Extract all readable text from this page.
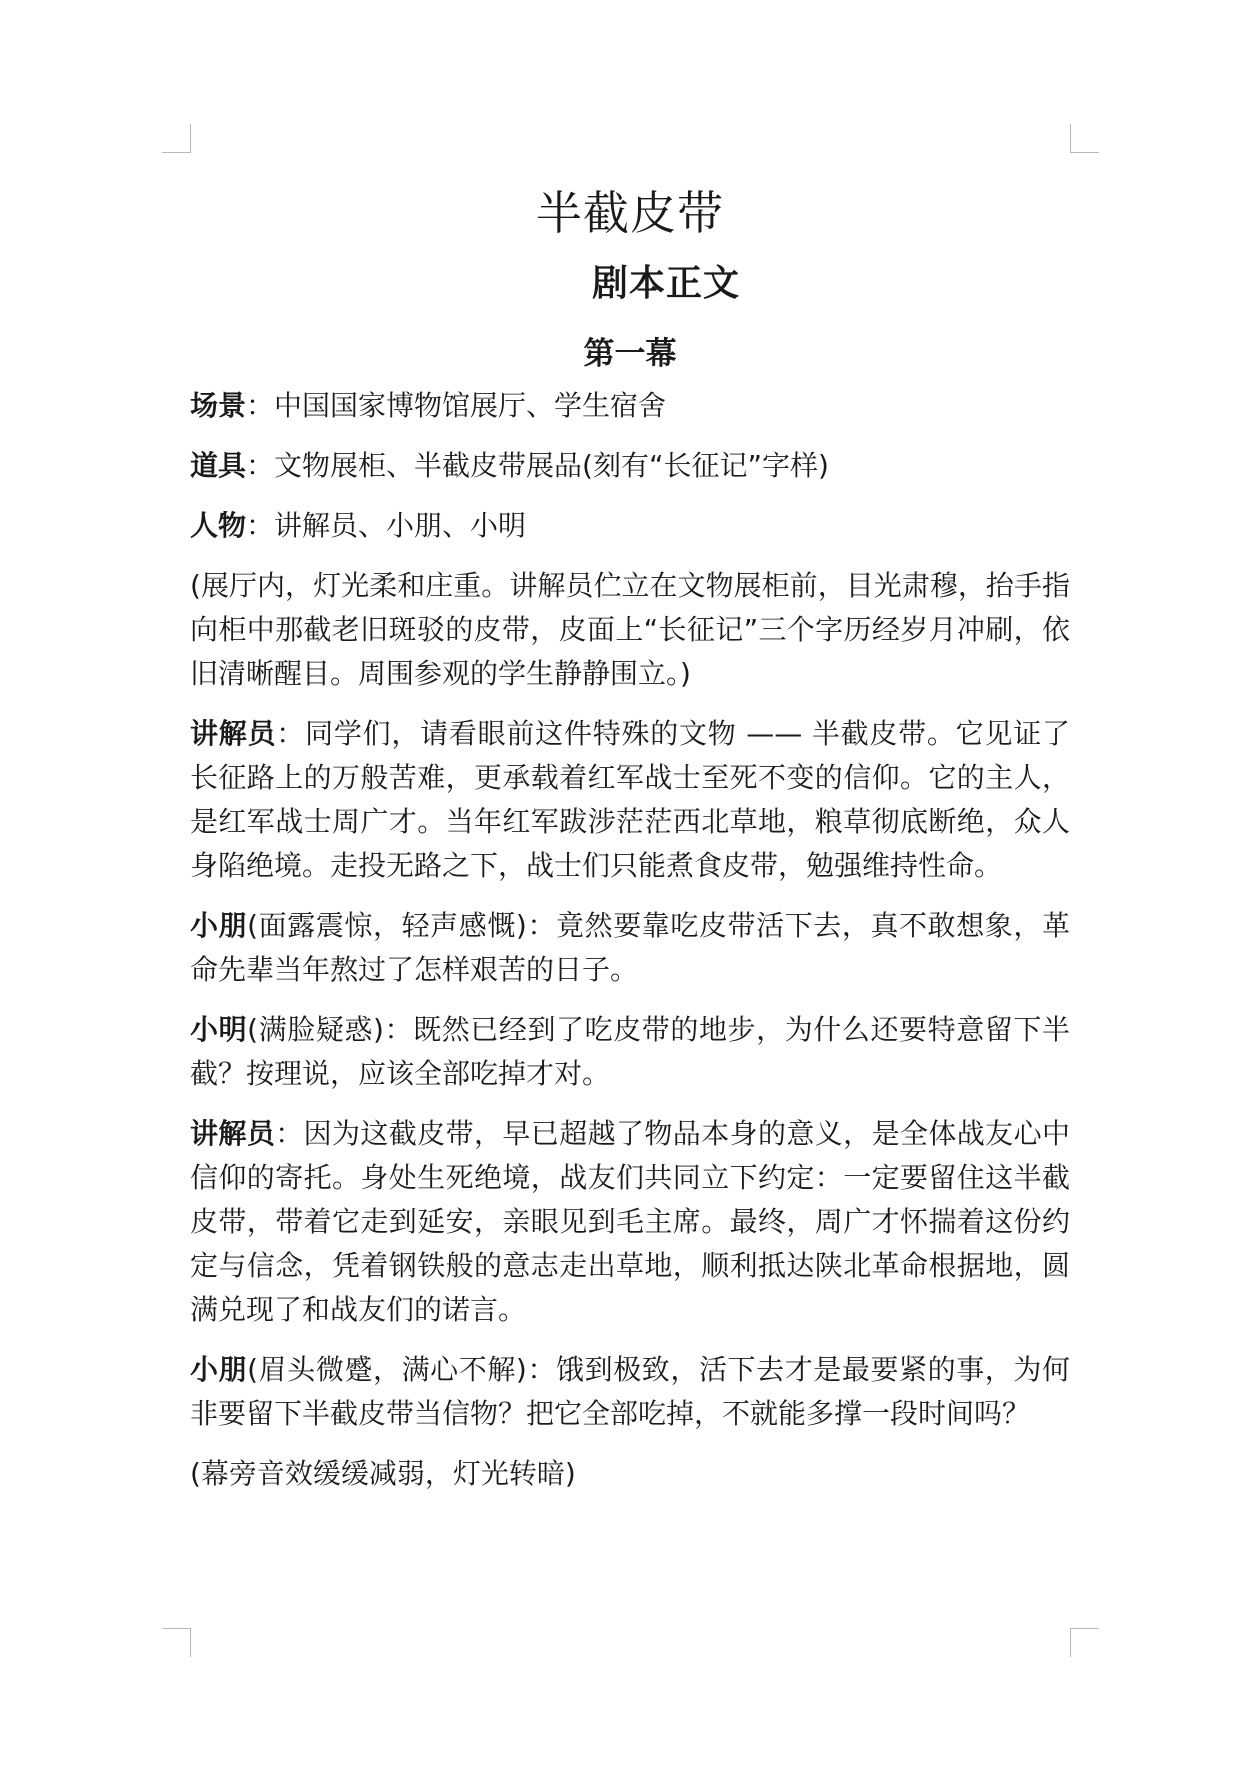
半截皮带
剧本正文
第一幕

场景：中国国家博物馆展厅、学生宿舍

道具：文物展柜、半截皮带展品(刻有“长征记”字样)

人物：讲解员、小朋、小明

(展厅内，灯光柔和庄重。讲解员伫立在文物展柜前，目光肃穆，抬手指向柜中那截老旧斑驳的皮带，皮面上“长征记”三个字历经岁月冲刷，依旧清晰醒目。周围参观的学生静静围立。)

讲解员：同学们，请看眼前这件特殊的文物 —— 半截皮带。它见证了长征路上的万般苦难，更承载着红军战士至死不变的信仰。它的主人，是红军战士周广才。当年红军跋涉茫茫西北草地，粮草彻底断绝，众人身陷绝境。走投无路之下，战士们只能煮食皮带，勉强维持性命。

小朋(面露震惊，轻声感慨)：竟然要靠吃皮带活下去，真不敢想象，革命先辈当年熬过了怎样艰苦的日子。

小明(满脸疑惑)：既然已经到了吃皮带的地步，为什么还要特意留下半截？按理说，应该全部吃掉才对。

讲解员：因为这截皮带，早已超越了物品本身的意义，是全体战友心中信仰的寄托。身处生死绝境，战友们共同立下约定：一定要留住这半截皮带，带着它走到延安，亲眼见到毛主席。最终，周广才怀揣着这份约定与信念，凭着钢铁般的意志走出草地，顺利抵达陕北革命根据地，圆满兑现了和战友们的诺言。

小朋(眉头微蹙，满心不解)：饿到极致，活下去才是最要紧的事，为何非要留下半截皮带当信物？把它全部吃掉，不就能多撑一段时间吗？

(幕旁音效缓缓减弱，灯光转暗)
